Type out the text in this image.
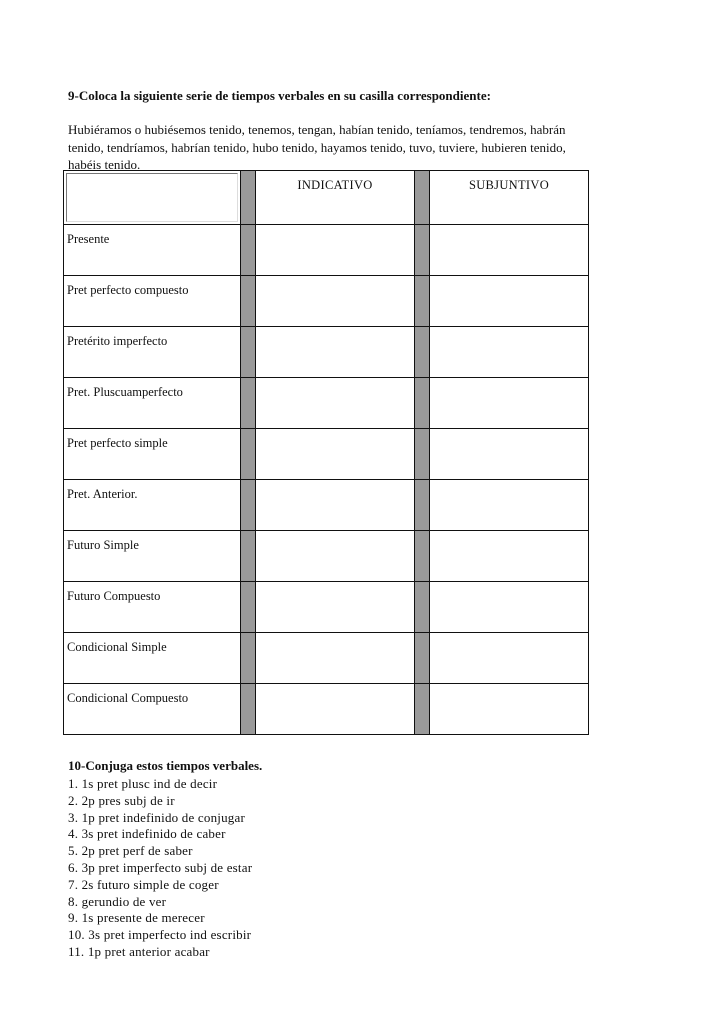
9-Coloca la siguiente serie de tiempos verbales en su casilla correspondiente:
Hubiéramos o hubiésemos tenido, tenemos, tengan, habían tenido, teníamos, tendremos, habrán
tenido, tendríamos, habrían tenido, hubo tenido, hayamos tenido, tuvo, tuviere, hubieren tenido,
habéis tenido.

		INDICATIVO		SUBJUNTIVO

Presente				

Pret perfecto compuesto				

Pretérito imperfecto				

Pret. Pluscuamperfecto				

Pret perfecto simple				

Pret. Anterior.				

Futuro Simple				

Futuro Compuesto				

Condicional Simple				

Condicional Compuesto				

10-Conjuga estos tiempos verbales.
1. 1s pret plusc ind de decir
2. 2p pres subj de ir
3. 1p pret indefinido de conjugar
4. 3s pret indefinido de caber
5. 2p pret perf de saber
6. 3p pret imperfecto subj de estar
7. 2s futuro simple de coger
8. gerundio de ver
9. 1s presente de merecer
10. 3s pret imperfecto ind escribir
11. 1p pret anterior acabar
